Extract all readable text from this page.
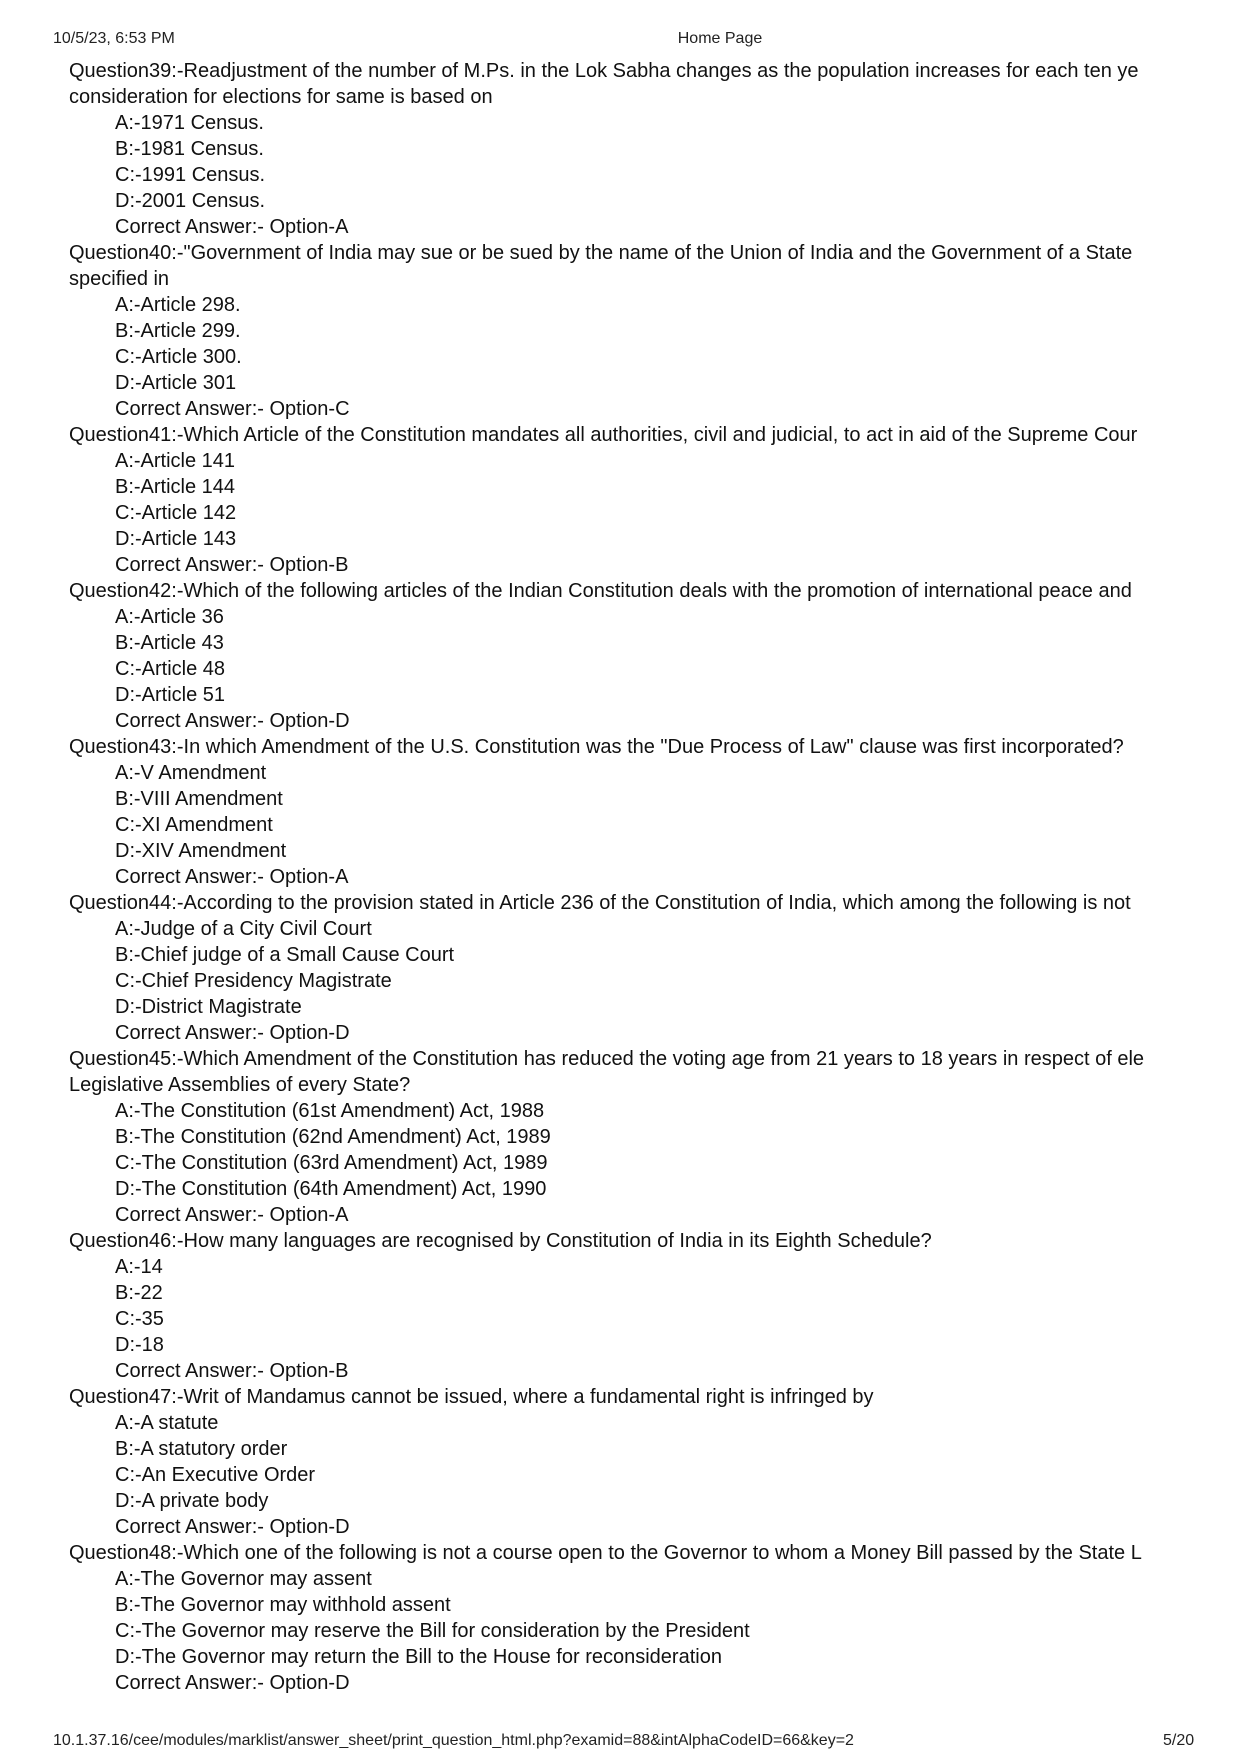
10/5/23, 6:53 PM	Home Page
Question39:-Readjustment of the number of M.Ps. in the Lok Sabha changes as the population increases for each ten ye
consideration for elections for same is based on
A:-1971 Census.
B:-1981 Census.
C:-1991 Census.
D:-2001 Census.
Correct Answer:- Option-A
Question40:-"Government of India may sue or be sued by the name of the Union of India and the Government of a State
specified in
A:-Article 298.
B:-Article 299.
C:-Article 300.
D:-Article 301
Correct Answer:- Option-C
Question41:-Which Article of the Constitution mandates all authorities, civil and judicial, to act in aid of the Supreme Cour
A:-Article 141
B:-Article 144
C:-Article 142
D:-Article 143
Correct Answer:- Option-B
Question42:-Which of the following articles of the Indian Constitution deals with the promotion of international peace and
A:-Article 36
B:-Article 43
C:-Article 48
D:-Article 51
Correct Answer:- Option-D
Question43:-In which Amendment of the U.S. Constitution was the "Due Process of Law" clause was first incorporated?
A:-V Amendment
B:-VIII Amendment
C:-XI Amendment
D:-XIV Amendment
Correct Answer:- Option-A
Question44:-According to the provision stated in Article 236 of the Constitution of India, which among the following is not
A:-Judge of a City Civil Court
B:-Chief judge of a Small Cause Court
C:-Chief Presidency Magistrate
D:-District Magistrate
Correct Answer:- Option-D
Question45:-Which Amendment of the Constitution has reduced the voting age from 21 years to 18 years in respect of ele
Legislative Assemblies of every State?
A:-The Constitution (61st Amendment) Act, 1988
B:-The Constitution (62nd Amendment) Act, 1989
C:-The Constitution (63rd Amendment) Act, 1989
D:-The Constitution (64th Amendment) Act, 1990
Correct Answer:- Option-A
Question46:-How many languages are recognised by Constitution of India in its Eighth Schedule?
A:-14
B:-22
C:-35
D:-18
Correct Answer:- Option-B
Question47:-Writ of Mandamus cannot be issued, where a fundamental right is infringed by
A:-A statute
B:-A statutory order
C:-An Executive Order
D:-A private body
Correct Answer:- Option-D
Question48:-Which one of the following is not a course open to the Governor to whom a Money Bill passed by the State L
A:-The Governor may assent
B:-The Governor may withhold assent
C:-The Governor may reserve the Bill for consideration by the President
D:-The Governor may return the Bill to the House for reconsideration
Correct Answer:- Option-D
10.1.37.16/cee/modules/marklist/answer_sheet/print_question_html.php?examid=88&intAlphaCodeID=66&key=2	5/20
